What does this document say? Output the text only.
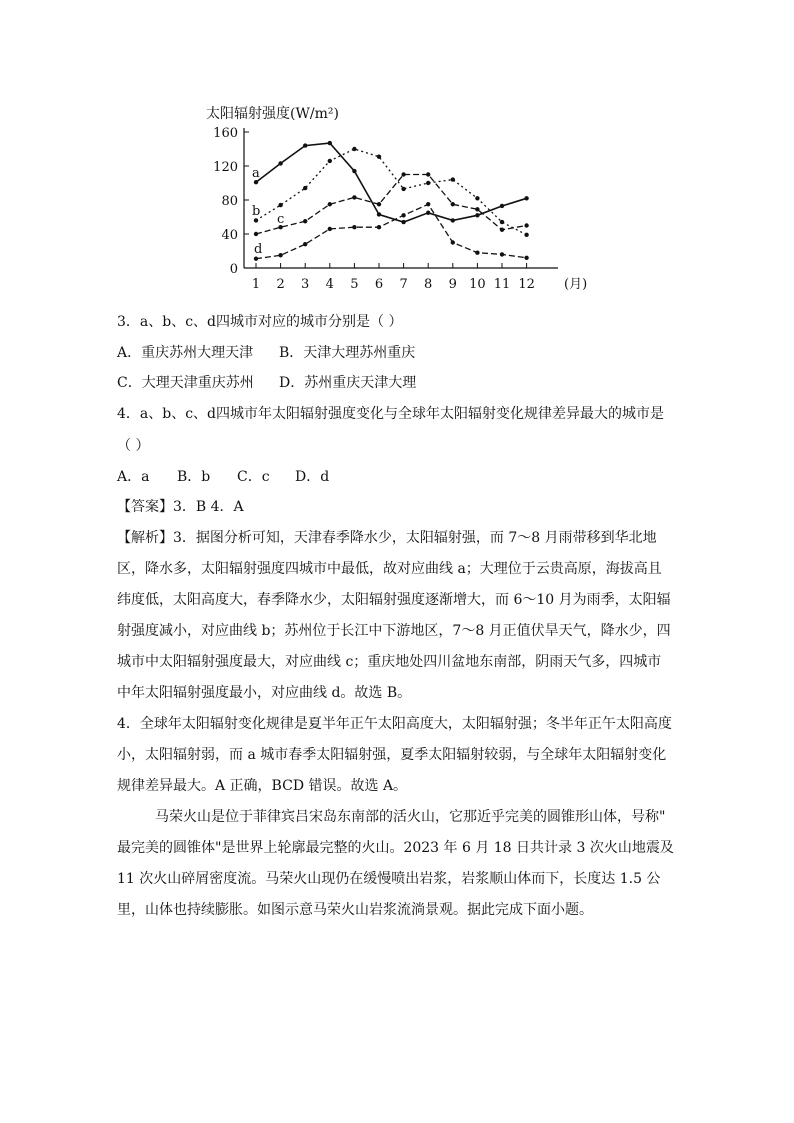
太阳辐射强度(W/m²)
0
40
80
120
160
1 2 3 4 5 6 7 8 9 10 11 12 (月)
a
b
c
d
3．a、b、c、d四城市对应的城市分别是（ ）
A．重庆苏州大理天津 B．天津大理苏州重庆
C．大理天津重庆苏州 D．苏州重庆天津大理
4．a、b、c、d四城市年太阳辐射强度变化与全球年太阳辐射变化规律差异最大的城市是
（ ）
A．a B．b C．c D．d
【答案】3．B 4．A
【解析】3．据图分析可知，天津春季降水少，太阳辐射强，而 7～8 月雨带移到华北地
区，降水多，太阳辐射强度四城市中最低，故对应曲线 a；大理位于云贵高原，海拔高且
纬度低，太阳高度大，春季降水少，太阳辐射强度逐渐增大，而 6～10 月为雨季，太阳辐
射强度减小，对应曲线 b；苏州位于长江中下游地区，7～8 月正值伏旱天气，降水少，四
城市中太阳辐射强度最大，对应曲线 c；重庆地处四川盆地东南部，阴雨天气多，四城市
中年太阳辐射强度最小，对应曲线 d。故选 B。
4．全球年太阳辐射变化规律是夏半年正午太阳高度大，太阳辐射强；冬半年正午太阳高度
小，太阳辐射弱，而 a 城市春季太阳辐射强，夏季太阳辐射较弱，与全球年太阳辐射变化
规律差异最大。A 正确，BCD 错误。故选 A。
马荣火山是位于菲律宾吕宋岛东南部的活火山，它那近乎完美的圆锥形山体，号称"
最完美的圆锥体"是世界上轮廓最完整的火山。2023 年 6 月 18 日共计录 3 次火山地震及
11 次火山碎屑密度流。马荣火山现仍在缓慢喷出岩浆，岩浆顺山体而下，长度达 1.5 公
里，山体也持续膨胀。如图示意马荣火山岩浆流淌景观。据此完成下面小题。
